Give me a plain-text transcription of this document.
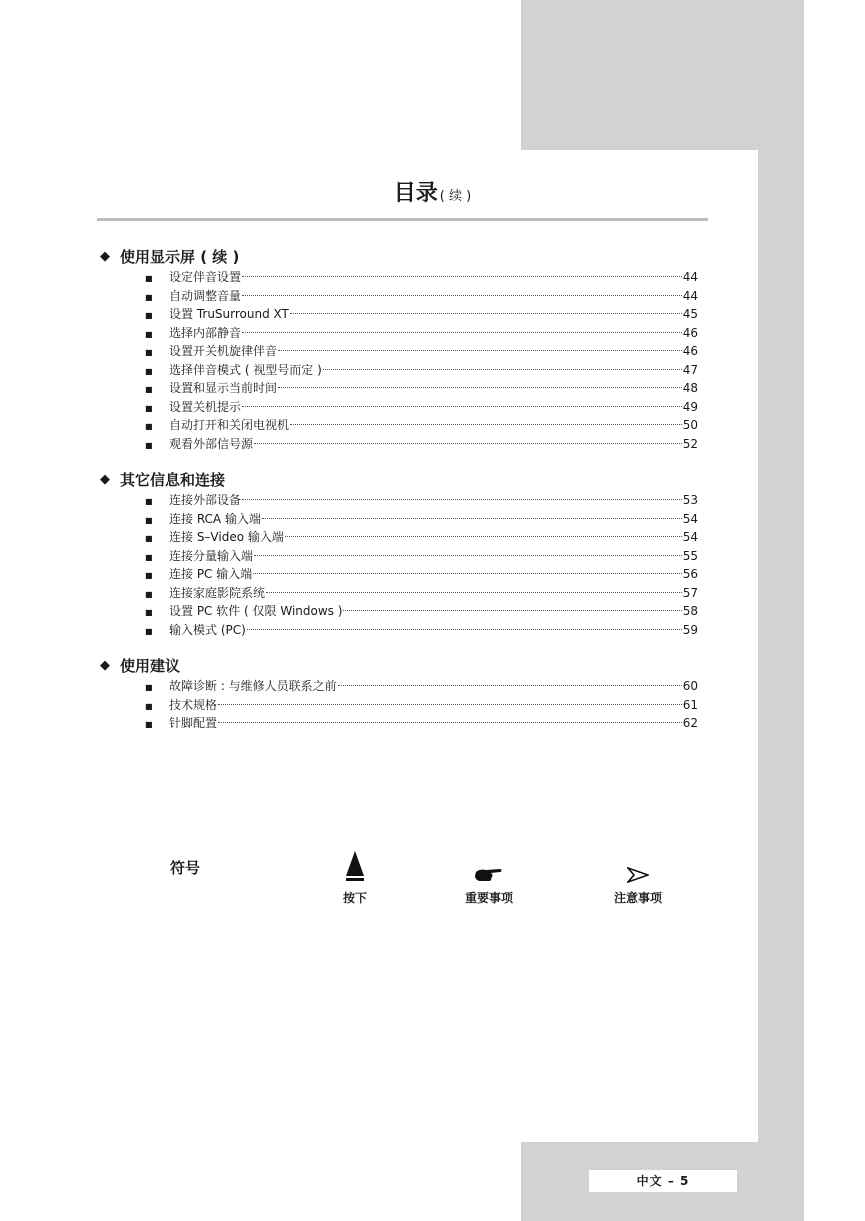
目录 ( 续 )
◆ 使用显示屏 ( 续 )
■ 设定伴音设置	44
■ 自动调整音量	44
■ 设置 TruSurround XT	45
■ 选择内部静音	46
■ 设置开关机旋律伴音	46
■ 选择伴音模式 ( 视型号而定 )	47
■ 设置和显示当前时间	48
■ 设置关机提示	49
■ 自动打开和关闭电视机	50
■ 观看外部信号源	52
◆ 其它信息和连接
■ 连接外部设备	53
■ 连接 RCA 输入端	54
■ 连接 S–Video 输入端	54
■ 连接分量输入端	55
■ 连接 PC 输入端	56
■ 连接家庭影院系统	57
■ 设置 PC 软件 ( 仅限 Windows )	58
■ 输入模式 (PC)	59
◆ 使用建议
■ 故障诊断 : 与维修人员联系之前	60
■ 技术规格	61
■ 针脚配置	62
符号
按下	重要事项	注意事项
中文 – 5
